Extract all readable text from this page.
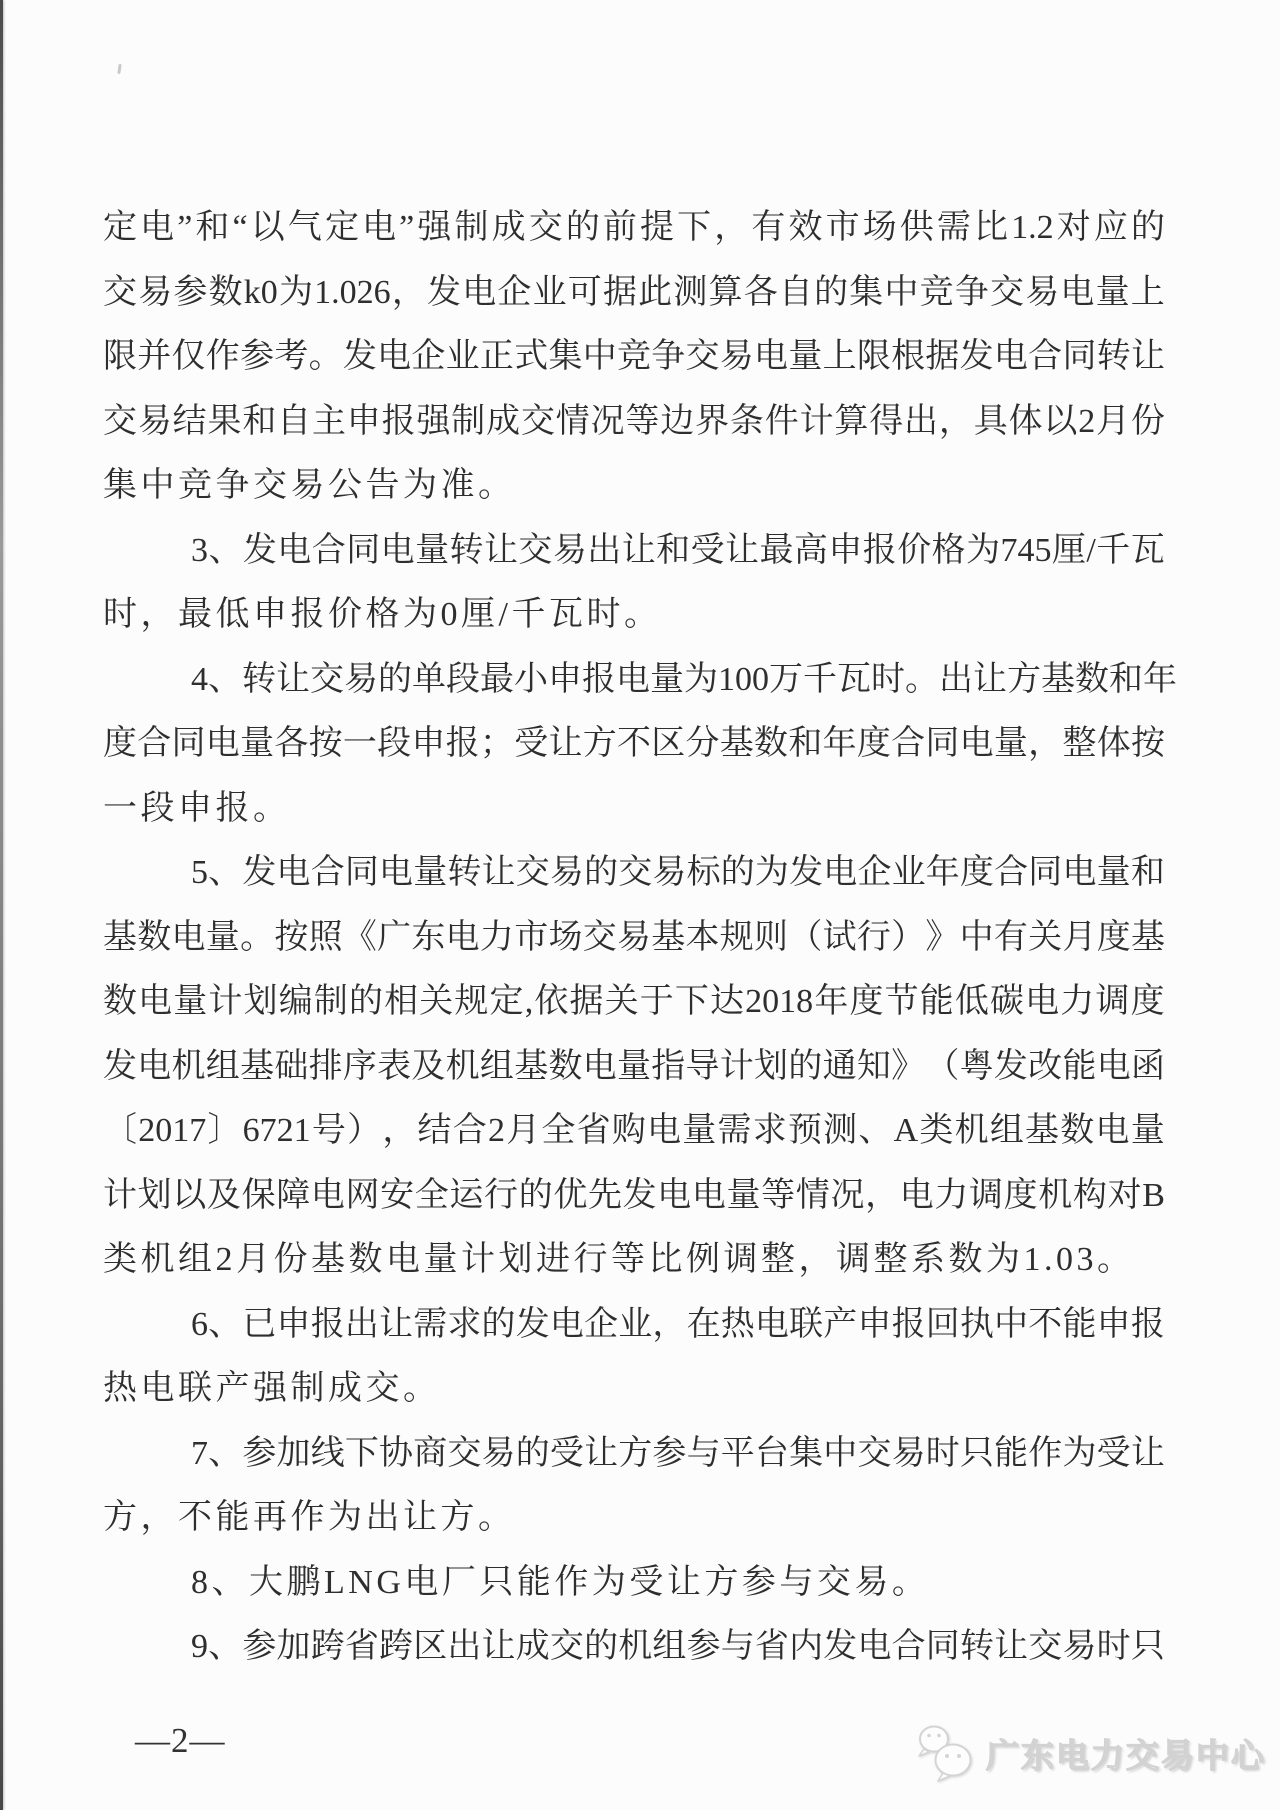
定 电 ” 和 “ 以 气 定 电 ” 强 制 成 交 的 前 提 下 ， 有 效 市 场 供 需 比 1.2 对 应 的
交 易 参 数 k0 为 1.026 ， 发 电 企 业 可 据 此 测 算 各 自 的 集 中 竞 争 交 易 电 量 上
限 并 仅 作 参 考 。 发 电 企 业 正 式 集 中 竞 争 交 易 电 量 上 限 根 据 发 电 合 同 转 让
交 易 结 果 和 自 主 申 报 强 制 成 交 情 况 等 边 界 条 件 计 算 得 出 ， 具 体 以 2 月 份
集中竞争交易公告为准。
3 、 发 电 合 同 电 量 转 让 交 易 出 让 和 受 让 最 高 申 报 价 格 为 745 厘 / 千 瓦
时，最低申报价格为0厘/千瓦时。
4 、 转 让 交 易 的 单 段 最 小 申 报 电 量 为 100 万 千 瓦 时 。 出 让 方 基 数 和 年
度 合 同 电 量 各 按 一 段 申 报 ； 受 让 方 不 区 分 基 数 和 年 度 合 同 电 量 ， 整 体 按
一段申报。
5 、 发 电 合 同 电 量 转 让 交 易 的 交 易 标 的 为 发 电 企 业 年 度 合 同 电 量 和
基 数 电 量 。 按 照 《 广 东 电 力 市 场 交 易 基 本 规 则 （ 试 行 ） 》 中 有 关 月 度 基
数 电 量 计 划 编 制 的 相 关 规 定 , 依 据 关 于 下 达 2018 年 度 节 能 低 碳 电 力 调 度
发 电 机 组 基 础 排 序 表 及 机 组 基 数 电 量 指 导 计 划 的 通 知 》 （ 粤 发 改 能 电 函
〔 2017 〕 6721 号 ） ， 结 合 2 月 全 省 购 电 量 需 求 预 测 、 A 类 机 组 基 数 电 量
计 划 以 及 保 障 电 网 安 全 运 行 的 优 先 发 电 电 量 等 情 况 ， 电 力 调 度 机 构 对 B
类机组2月份基数电量计划进行等比例调整，调整系数为1.03。
6 、 已 申 报 出 让 需 求 的 发 电 企 业 ， 在 热 电 联 产 申 报 回 执 中 不 能 申 报
热电联产强制成交。
7 、 参 加 线 下 协 商 交 易 的 受 让 方 参 与 平 台 集 中 交 易 时 只 能 作 为 受 让
方，不能再作为出让方。
8、大鹏LNG电厂只能作为受让方参与交易。
9 、 参 加 跨 省 跨 区 出 让 成 交 的 机 组 参 与 省 内 发 电 合 同 转 让 交 易 时 只
—2—	广东电力交易中心
